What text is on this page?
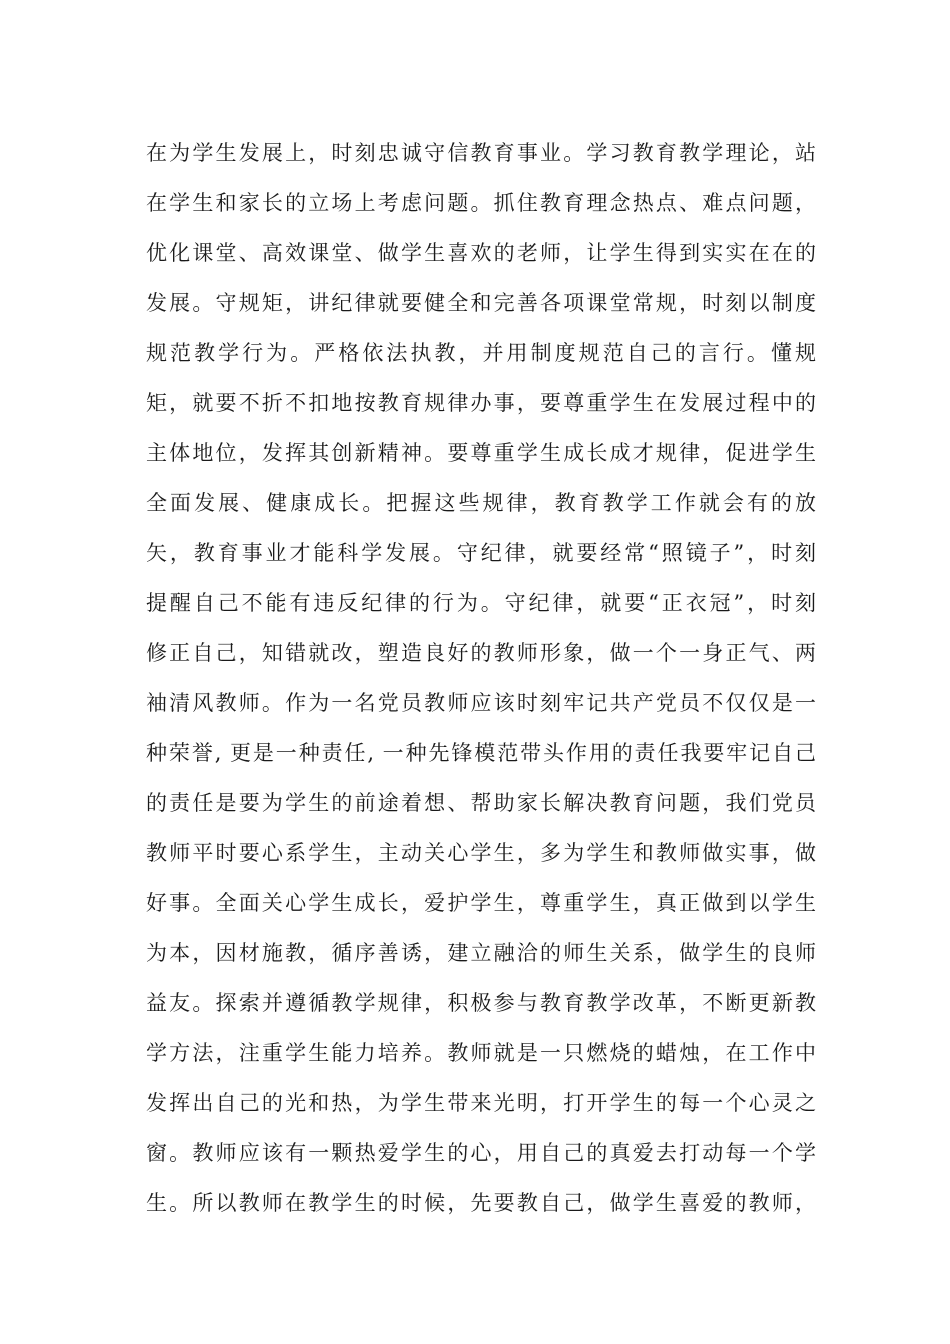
在为学生发展上，时刻忠诚守信教育事业。学习教育教学理论，站
在学生和家长的立场上考虑问题。抓住教育理念热点、难点问题，
优化课堂、高效课堂、做学生喜欢的老师，让学生得到实实在在的
发展。守规矩，讲纪律就要健全和完善各项课堂常规，时刻以制度
规范教学行为。严格依法执教，并用制度规范自己的言行。懂规
矩，就要不折不扣地按教育规律办事，要尊重学生在发展过程中的
主体地位，发挥其创新精神。要尊重学生成长成才规律，促进学生
全面发展、健康成长。把握这些规律，教育教学工作就会有的放
矢，教育事业才能科学发展。守纪律，就要经常“照镜子”，时刻
提醒自己不能有违反纪律的行为。守纪律，就要“正衣冠”，时刻
修正自己，知错就改，塑造良好的教师形象，做一个一身正气、两
袖清风教师。作为一名党员教师应该时刻牢记共产党员不仅仅是一
种荣誉, 更是一种责任, 一种先锋模范带头作用的责任我要牢记自己
的责任是要为学生的前途着想、帮助家长解决教育问题，我们党员
教师平时要心系学生，主动关心学生，多为学生和教师做实事，做
好事。全面关心学生成长，爱护学生，尊重学生，真正做到以学生
为本，因材施教，循序善诱，建立融洽的师生关系，做学生的良师
益友。探索并遵循教学规律，积极参与教育教学改革，不断更新教
学方法，注重学生能力培养。教师就是一只燃烧的蜡烛，在工作中
发挥出自己的光和热，为学生带来光明，打开学生的每一个心灵之
窗。教师应该有一颗热爱学生的心，用自己的真爱去打动每一个学
生。所以教师在教学生的时候，先要教自己，做学生喜爱的教师，
